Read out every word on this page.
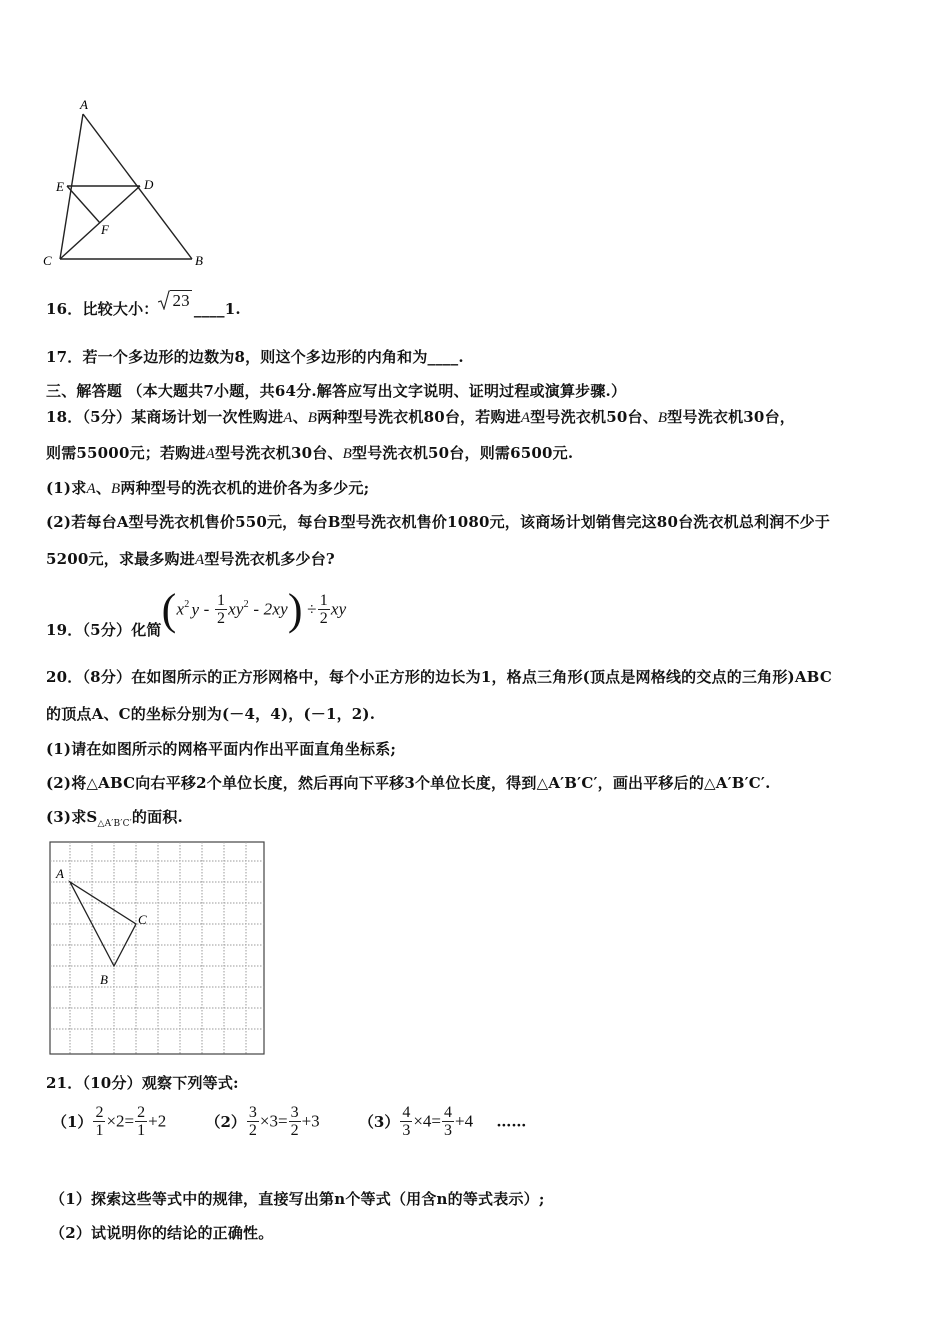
A
E	D
F
C	B
16．比较大小： 23 ____1.
17．若一个多边形的边数为8，则这个多边形的内角和为____.
三、解答题 （本大题共7小题，共64分.解答应写出文字说明、证明过程或演算步骤.）
18．（5分）某商场计划一次性购进A、B两种型号洗衣机80台，若购进A型号洗衣机50台、B型号洗衣机30台，
则需55000元；若购进A型号洗衣机30台、B型号洗衣机50台，则需6500元.
(1)求A、B两种型号的洗衣机的进价各为多少元;
(2)若每台A型号洗衣机售价550元，每台B型号洗衣机售价1080元，该商场计划销售完这80台洗衣机总利润不少于
5200元，求最多购进A型号洗衣机多少台?
19．（5分）化简($x^2$ $y - \frac{1}{2} xy^2 - 2xy) \div \frac{1}{2}$ xy
20．（8分）在如图所示的正方形网格中，每个小正方形的边长为1，格点三角形(顶点是网格线的交点的三角形)ABC
的顶点A、C的坐标分别为(－4，4)，(－1，2).
(1)请在如图所示的网格平面内作出平面直角坐标系;
(2)将△ABC向右平移2个单位长度，然后再向下平移3个单位长度，得到△A′B′C′，画出平移后的△A′B′C′.
(3)求$S_{\triangle A'B'C'}$的面积.
A
C
B
21．（10分）观察下列等式:
$(1) \frac{2}{1} \times 2= \frac{2}{1} +2$	$(2) \frac{3}{2} \times 3= \frac{3}{2} +3$	$(3) \frac{4}{3} \times 4= \frac{4}{3} +4$ ……
（1）探索这些等式中的规律，直接写出第n个等式（用含n的等式表示）;
（2）试说明你的结论的正确性。
